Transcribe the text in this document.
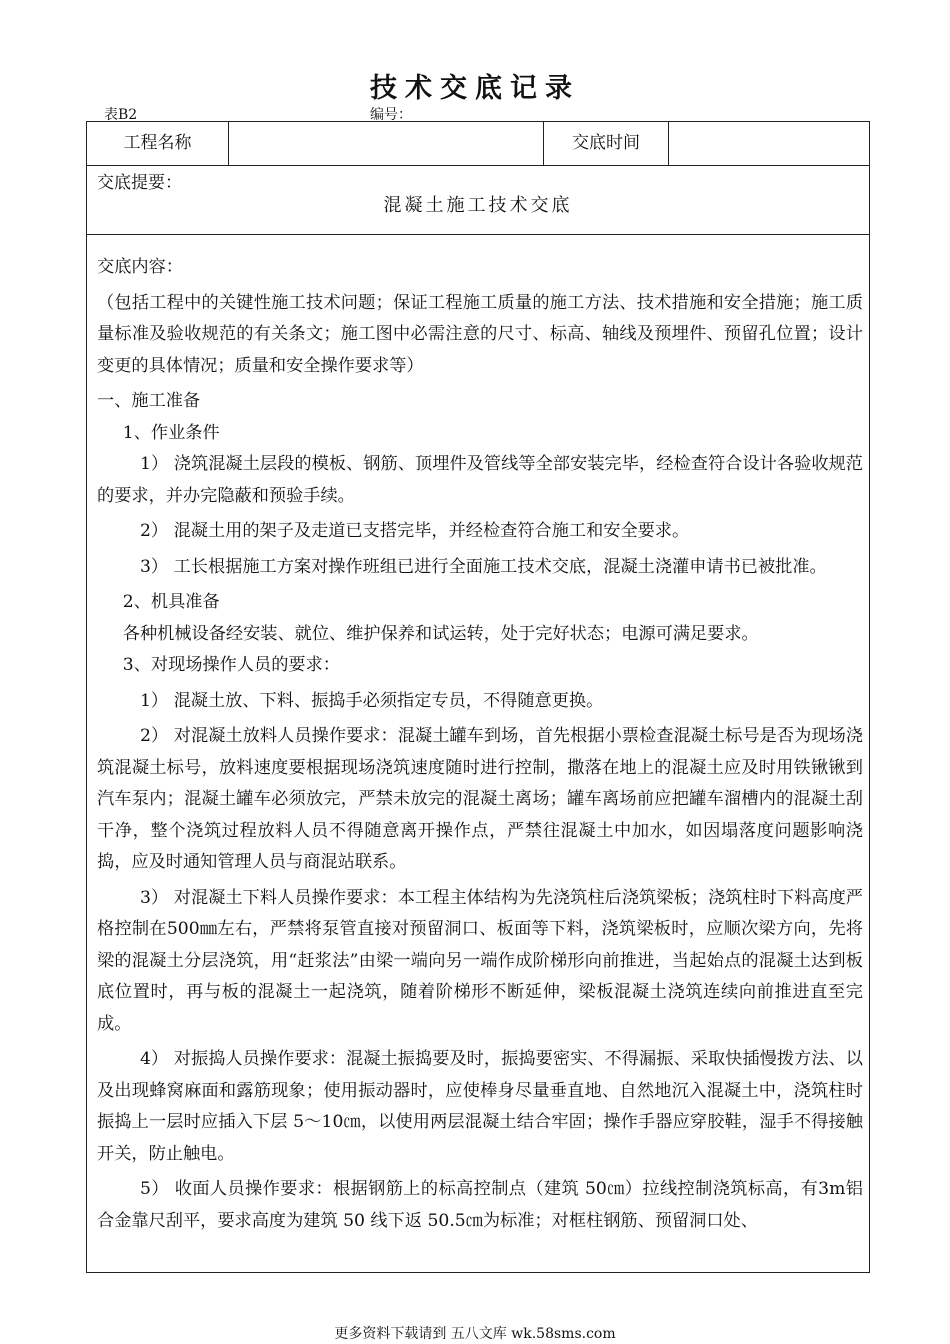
技术交底记录
表B2	编号：
工程名称	交底时间
交底提要：
混凝土施工技术交底

交底内容：

（包括工程中的关键性施工技术问题；保证工程施工质量的施工方法、技术措施和安全措施；施工质量标准及验收规范的有关条文；施工图中必需注意的尺寸、标高、轴线及预埋件、预留孔位置；设计变更的具体情况；质量和安全操作要求等）

一、施工准备

1、作业条件

1） 浇筑混凝土层段的模板、钢筋、顶埋件及管线等全部安装完毕，经检查符合设计各验收规范的要求，并办完隐蔽和预验手续。

2） 混凝土用的架子及走道已支搭完毕，并经检查符合施工和安全要求。

3） 工长根据施工方案对操作班组已进行全面施工技术交底，混凝土浇灌申请书已被批准。

2、机具准备

各种机械设备经安装、就位、维护保养和试运转，处于完好状态；电源可满足要求。

3、对现场操作人员的要求：

1） 混凝土放、下料、振捣手必须指定专员，不得随意更换。

2） 对混凝土放料人员操作要求：混凝土罐车到场，首先根据小票检查混凝土标号是否为现场浇筑混凝土标号，放料速度要根据现场浇筑速度随时进行控制，撒落在地上的混凝土应及时用铁锹锹到汽车泵内；混凝土罐车必须放完，严禁未放完的混凝土离场；罐车离场前应把罐车溜槽内的混凝土刮干净，整个浇筑过程放料人员不得随意离开操作点，严禁往混凝土中加水，如因塌落度问题影响浇捣，应及时通知管理人员与商混站联系。

3） 对混凝土下料人员操作要求：本工程主体结构为先浇筑柱后浇筑梁板；浇筑柱时下料高度严格控制在500㎜左右，严禁将泵管直接对预留洞口、板面等下料，浇筑梁板时，应顺次梁方向，先将梁的混凝土分层浇筑，用“赶浆法”由梁一端向另一端作成阶梯形向前推进，当起始点的混凝土达到板底位置时，再与板的混凝土一起浇筑，随着阶梯形不断延伸，梁板混凝土浇筑连续向前推进直至完成。

4） 对振捣人员操作要求：混凝土振捣要及时，振捣要密实、不得漏振、采取快插慢拨方法、以及出现蜂窝麻面和露筋现象；使用振动器时，应使棒身尽量垂直地、自然地沉入混凝土中，浇筑柱时振捣上一层时应插入下层 5～10㎝，以使用两层混凝土结合牢固；操作手器应穿胶鞋，湿手不得接触开关，防止触电。

5） 收面人员操作要求：根据钢筋上的标高控制点（建筑 50㎝）拉线控制浇筑标高，有3m铝合金靠尺刮平，要求高度为建筑 50 线下返 50.5㎝为标准；对框柱钢筋、预留洞口处、

更多资料下载请到 五八文库 wk.58sms.com
